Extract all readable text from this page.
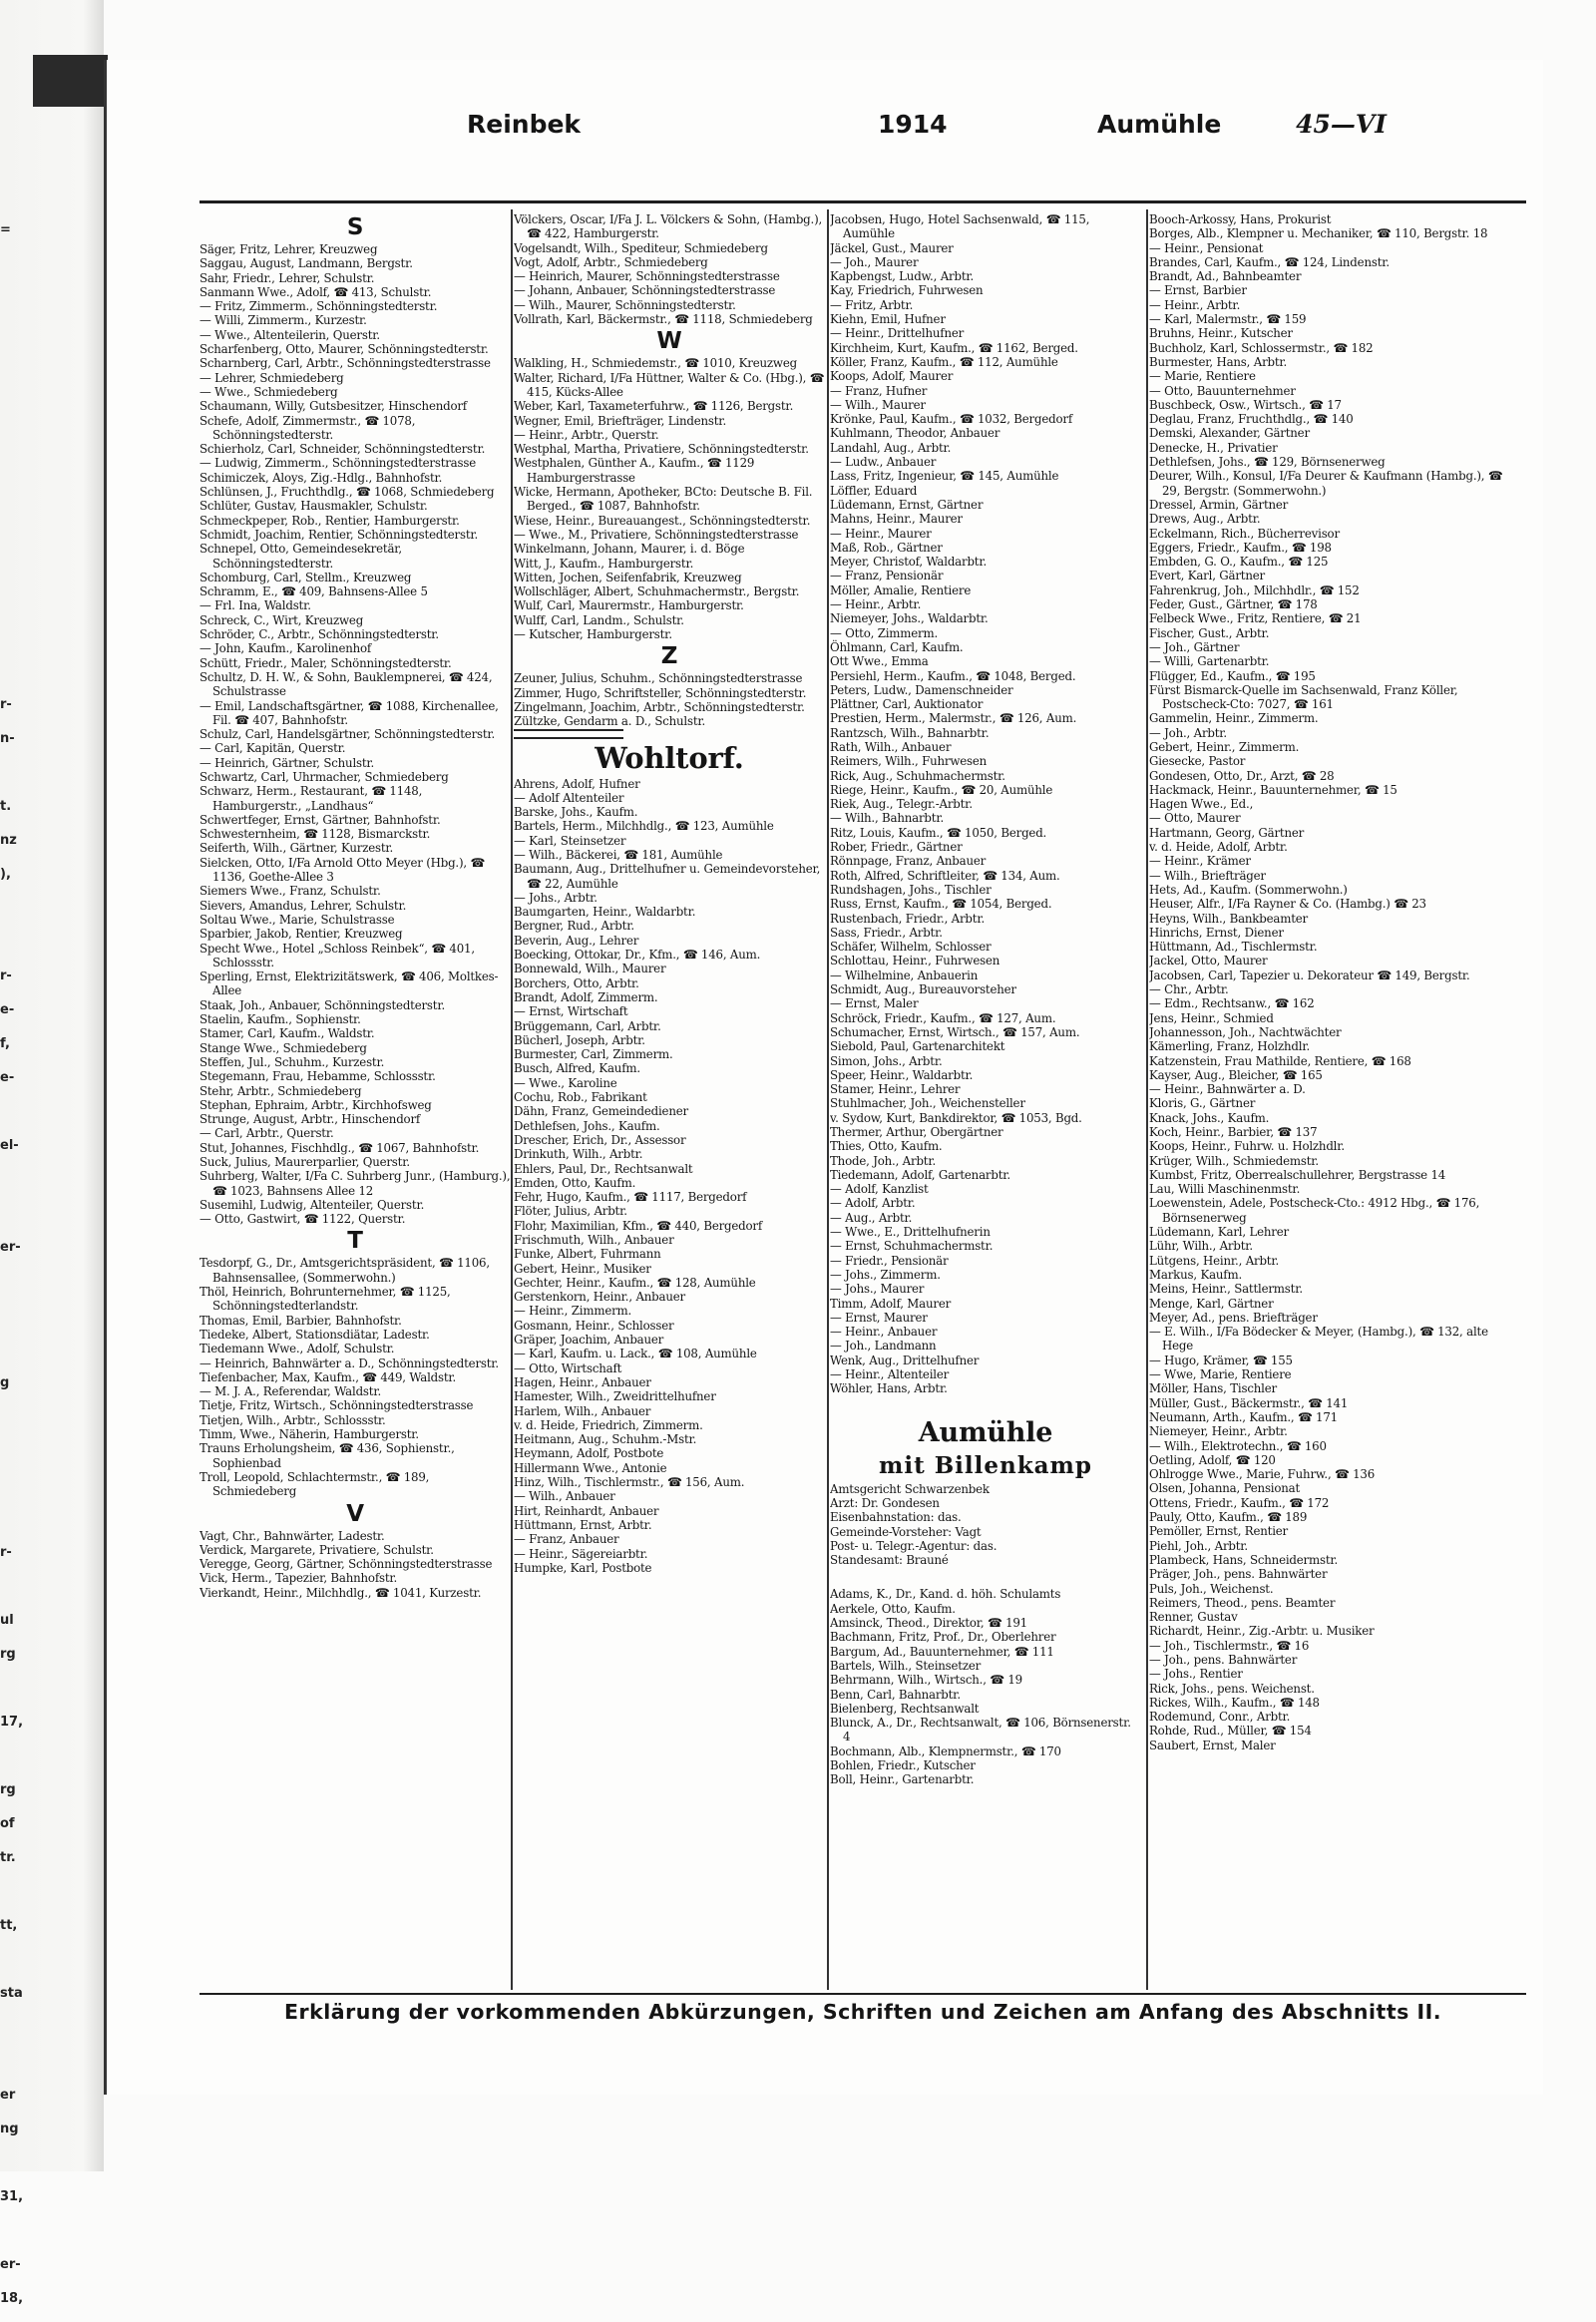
=
r-
n-
t.
nz
),
r-
e-
f,
e-
el-
er-
g
r-
ul
rg
17,
rg
of
tr.
tt,
sta
er
ng
31,
er-
18,
Reinbek	1914	Aumühle	45—VI

S

Säger, Fritz, Lehrer, Kreuzweg

Saggau, August, Landmann, Bergstr.

Sahr, Friedr., Lehrer, Schulstr.

Sanmann Wwe., Adolf, ☎ 413, Schulstr.

— Fritz, Zimmerm., Schönningstedterstr.

— Willi, Zimmerm., Kurzestr.

— Wwe., Altenteilerin, Querstr.

Scharfenberg, Otto, Maurer, Schönningstedterstr.

Scharnberg, Carl, Arbtr., Schönningstedterstrasse

— Lehrer, Schmiedeberg

— Wwe., Schmiedeberg

Schaumann, Willy, Gutsbesitzer, Hinschendorf

Schefe, Adolf, Zimmermstr., ☎ 1078, Schönningstedterstr.

Schierholz, Carl, Schneider, Schönningstedterstr.

— Ludwig, Zimmerm., Schönningstedterstrasse

Schimiczek, Aloys, Zig.-Hdlg., Bahnhofstr.

Schlünsen, J., Fruchthdlg., ☎ 1068, Schmiedeberg

Schlüter, Gustav, Hausmakler, Schulstr.

Schmeckpeper, Rob., Rentier, Hamburgerstr.

Schmidt, Joachim, Rentier, Schönningstedterstr.

Schnepel, Otto, Gemeindesekretär, Schönningstedterstr.

Schomburg, Carl, Stellm., Kreuzweg

Schramm, E., ☎ 409, Bahnsens-Allee 5

— Frl. Ina, Waldstr.

Schreck, C., Wirt, Kreuzweg

Schröder, C., Arbtr., Schönningstedterstr.

— John, Kaufm., Karolinenhof

Schütt, Friedr., Maler, Schönningstedterstr.

Schultz, D. H. W., & Sohn, Bauklempnerei, ☎ 424, Schulstrasse

— Emil, Landschaftsgärtner, ☎ 1088, Kirchenallee, Fil. ☎ 407, Bahnhofstr.

Schulz, Carl, Handelsgärtner, Schönningstedterstr.

— Carl, Kapitän, Querstr.

— Heinrich, Gärtner, Schulstr.

Schwartz, Carl, Uhrmacher, Schmiedeberg

Schwarz, Herm., Restaurant, ☎ 1148, Hamburgerstr., „Landhaus“

Schwertfeger, Ernst, Gärtner, Bahnhofstr.

Schwesternheim, ☎ 1128, Bismarckstr.

Seiferth, Wilh., Gärtner, Kurzestr.

Sielcken, Otto, I/Fa Arnold Otto Meyer (Hbg.), ☎ 1136, Goethe-Allee 3

Siemers Wwe., Franz, Schulstr.

Sievers, Amandus, Lehrer, Schulstr.

Soltau Wwe., Marie, Schulstrasse

Sparbier, Jakob, Rentier, Kreuzweg

Specht Wwe., Hotel „Schloss Reinbek“, ☎ 401, Schlossstr.

Sperling, Ernst, Elektrizitätswerk, ☎ 406, Moltkes-Allee

Staak, Joh., Anbauer, Schönningstedterstr.

Staelin, Kaufm., Sophienstr.

Stamer, Carl, Kaufm., Waldstr.

Stange Wwe., Schmiedeberg

Steffen, Jul., Schuhm., Kurzestr.

Stegemann, Frau, Hebamme, Schlossstr.

Stehr, Arbtr., Schmiedeberg

Stephan, Ephraim, Arbtr., Kirchhofsweg

Strunge, August, Arbtr., Hinschendorf

— Carl, Arbtr., Querstr.

Stut, Johannes, Fischhdlg., ☎ 1067, Bahnhofstr.

Suck, Julius, Maurerparlier, Querstr.

Suhrberg, Walter, I/Fa C. Suhrberg Junr., (Hamburg.), ☎ 1023, Bahnsens Allee 12

Susemihl, Ludwig, Altenteiler, Querstr.

— Otto, Gastwirt, ☎ 1122, Querstr.

T

Tesdorpf, G., Dr., Amtsgerichtspräsident, ☎ 1106, Bahnsensallee, (Sommerwohn.)

Thöl, Heinrich, Bohrunternehmer, ☎ 1125, Schönningstedterlandstr.

Thomas, Emil, Barbier, Bahnhofstr.

Tiedeke, Albert, Stationsdiätar, Ladestr.

Tiedemann Wwe., Adolf, Schulstr.

— Heinrich, Bahnwärter a. D., Schönningstedterstr.

Tiefenbacher, Max, Kaufm., ☎ 449, Waldstr.

— M. J. A., Referendar, Waldstr.

Tietje, Fritz, Wirtsch., Schönningstedterstrasse

Tietjen, Wilh., Arbtr., Schlossstr.

Timm, Wwe., Näherin, Hamburgerstr.

Trauns Erholungsheim, ☎ 436, Sophienstr., Sophienbad

Troll, Leopold, Schlachtermstr., ☎ 189, Schmiedeberg

V

Vagt, Chr., Bahnwärter, Ladestr.

Verdick, Margarete, Privatiere, Schulstr.

Veregge, Georg, Gärtner, Schönningstedterstrasse

Vick, Herm., Tapezier, Bahnhofstr.

Vierkandt, Heinr., Milchhdlg., ☎ 1041, Kurzestr.

Völckers, Oscar, I/Fa J. L. Völckers & Sohn, (Hambg.), ☎ 422, Hamburgerstr.

Vogelsandt, Wilh., Spediteur, Schmiedeberg

Vogt, Adolf, Arbtr., Schmiedeberg

— Heinrich, Maurer, Schönningstedterstrasse

— Johann, Anbauer, Schönningstedterstrasse

— Wilh., Maurer, Schönningstedterstr.

Vollrath, Karl, Bäckermstr., ☎ 1118, Schmiedeberg

W

Walkling, H., Schmiedemstr., ☎ 1010, Kreuzweg

Walter, Richard, I/Fa Hüttner, Walter & Co. (Hbg.), ☎ 415, Kücks-Allee

Weber, Karl, Taxameterfuhrw., ☎ 1126, Bergstr.

Wegner, Emil, Briefträger, Lindenstr.

— Heinr., Arbtr., Querstr.

Westphal, Martha, Privatiere, Schönningstedterstr.

Westphalen, Günther A., Kaufm., ☎ 1129 Hamburgerstrasse

Wicke, Hermann, Apotheker, BCto: Deutsche B. Fil. Berged., ☎ 1087, Bahnhofstr.

Wiese, Heinr., Bureauangest., Schönningstedterstr.

— Wwe., M., Privatiere, Schönningstedterstrasse

Winkelmann, Johann, Maurer, i. d. Böge

Witt, J., Kaufm., Hamburgerstr.

Witten, Jochen, Seifenfabrik, Kreuzweg

Wollschläger, Albert, Schuhmachermstr., Bergstr.

Wulf, Carl, Maurermstr., Hamburgerstr.

Wulff, Carl, Landm., Schulstr.

— Kutscher, Hamburgerstr.

Z

Zeuner, Julius, Schuhm., Schönningstedterstrasse

Zimmer, Hugo, Schriftsteller, Schönningstedterstr.

Zingelmann, Joachim, Arbtr., Schönningstedterstr.

Zültzke, Gendarm a. D., Schulstr.

Wohltorf.

Ahrens, Adolf, Hufner

— Adolf Altenteiler

Barske, Johs., Kaufm.

Bartels, Herm., Milchhdlg., ☎ 123, Aumühle

— Karl, Steinsetzer

— Wilh., Bäckerei, ☎ 181, Aumühle

Baumann, Aug., Drittelhufner u. Gemeindevorsteher, ☎ 22, Aumühle

— Johs., Arbtr.

Baumgarten, Heinr., Waldarbtr.

Bergner, Rud., Arbtr.

Beverin, Aug., Lehrer

Boecking, Ottokar, Dr., Kfm., ☎ 146, Aum.

Bonnewald, Wilh., Maurer

Borchers, Otto, Arbtr.

Brandt, Adolf, Zimmerm.

— Ernst, Wirtschaft

Brüggemann, Carl, Arbtr.

Bücherl, Joseph, Arbtr.

Burmester, Carl, Zimmerm.

Busch, Alfred, Kaufm.

— Wwe., Karoline

Cochu, Rob., Fabrikant

Dähn, Franz, Gemeindediener

Dethlefsen, Johs., Kaufm.

Drescher, Erich, Dr., Assessor

Drinkuth, Wilh., Arbtr.

Ehlers, Paul, Dr., Rechtsanwalt

Emden, Otto, Kaufm.

Fehr, Hugo, Kaufm., ☎ 1117, Bergedorf

Flöter, Julius, Arbtr.

Flohr, Maximilian, Kfm., ☎ 440, Bergedorf

Frischmuth, Wilh., Anbauer

Funke, Albert, Fuhrmann

Gebert, Heinr., Musiker

Gechter, Heinr., Kaufm., ☎ 128, Aumühle

Gerstenkorn, Heinr., Anbauer

— Heinr., Zimmerm.

Gosmann, Heinr., Schlosser

Gräper, Joachim, Anbauer

— Karl, Kaufm. u. Lack., ☎ 108, Aumühle

— Otto, Wirtschaft

Hagen, Heinr., Anbauer

Hamester, Wilh., Zweidrittelhufner

Harlem, Wilh., Anbauer

v. d. Heide, Friedrich, Zimmerm.

Heitmann, Aug., Schuhm.-Mstr.

Heymann, Adolf, Postbote

Hillermann Wwe., Antonie

Hinz, Wilh., Tischlermstr., ☎ 156, Aum.

— Wilh., Anbauer

Hirt, Reinhardt, Anbauer

Hüttmann, Ernst, Arbtr.

— Franz, Anbauer

— Heinr., Sägereiarbtr.

Humpke, Karl, Postbote

Jacobsen, Hugo, Hotel Sachsenwald, ☎ 115, Aumühle

Jäckel, Gust., Maurer

— Joh., Maurer

Kapbengst, Ludw., Arbtr.

Kay, Friedrich, Fuhrwesen

— Fritz, Arbtr.

Kiehn, Emil, Hufner

— Heinr., Drittelhufner

Kirchheim, Kurt, Kaufm., ☎ 1162, Berged.

Köller, Franz, Kaufm., ☎ 112, Aumühle

Koops, Adolf, Maurer

— Franz, Hufner

— Wilh., Maurer

Krönke, Paul, Kaufm., ☎ 1032, Bergedorf

Kuhlmann, Theodor, Anbauer

Landahl, Aug., Arbtr.

— Ludw., Anbauer

Lass, Fritz, Ingenieur, ☎ 145, Aumühle

Löffler, Eduard

Lüdemann, Ernst, Gärtner

Mahns, Heinr., Maurer

— Heinr., Maurer

Maß, Rob., Gärtner

Meyer, Christof, Waldarbtr.

— Franz, Pensionär

Möller, Amalie, Rentiere

— Heinr., Arbtr.

Niemeyer, Johs., Waldarbtr.

— Otto, Zimmerm.

Öhlmann, Carl, Kaufm.

Ott Wwe., Emma

Persiehl, Herm., Kaufm., ☎ 1048, Berged.

Peters, Ludw., Damenschneider

Plättner, Carl, Auktionator

Prestien, Herm., Malermstr., ☎ 126, Aum.

Rantzsch, Wilh., Bahnarbtr.

Rath, Wilh., Anbauer

Reimers, Wilh., Fuhrwesen

Rick, Aug., Schuhmachermstr.

Riege, Heinr., Kaufm., ☎ 20, Aumühle

Riek, Aug., Telegr.-Arbtr.

— Wilh., Bahnarbtr.

Ritz, Louis, Kaufm., ☎ 1050, Berged.

Rober, Friedr., Gärtner

Rönnpage, Franz, Anbauer

Roth, Alfred, Schriftleiter, ☎ 134, Aum.

Rundshagen, Johs., Tischler

Russ, Ernst, Kaufm., ☎ 1054, Berged.

Rustenbach, Friedr., Arbtr.

Sass, Friedr., Arbtr.

Schäfer, Wilhelm, Schlosser

Schlottau, Heinr., Fuhrwesen

— Wilhelmine, Anbauerin

Schmidt, Aug., Bureauvorsteher

— Ernst, Maler

Schröck, Friedr., Kaufm., ☎ 127, Aum.

Schumacher, Ernst, Wirtsch., ☎ 157, Aum.

Siebold, Paul, Gartenarchitekt

Simon, Johs., Arbtr.

Speer, Heinr., Waldarbtr.

Stamer, Heinr., Lehrer

Stuhlmacher, Joh., Weichensteller

v. Sydow, Kurt, Bankdirektor, ☎ 1053, Bgd.

Thermer, Arthur, Obergärtner

Thies, Otto, Kaufm.

Thode, Joh., Arbtr.

Tiedemann, Adolf, Gartenarbtr.

— Adolf, Kanzlist

— Adolf, Arbtr.

— Aug., Arbtr.

— Wwe., E., Drittelhufnerin

— Ernst, Schuhmachermstr.

— Friedr., Pensionär

— Johs., Zimmerm.

— Johs., Maurer

Timm, Adolf, Maurer

— Ernst, Maurer

— Heinr., Anbauer

— Joh., Landmann

Wenk, Aug., Drittelhufner

— Heinr., Altenteiler

Wöhler, Hans, Arbtr.

Aumühle

mit Billenkamp

Amtsgericht Schwarzenbek

Arzt: Dr. Gondesen

Eisenbahnstation: das.

Gemeinde-Vorsteher: Vagt

Post- u. Telegr.-Agentur: das.

Standesamt: Brauné

Adams, K., Dr., Kand. d. höh. Schulamts

Aerkele, Otto, Kaufm.

Amsinck, Theod., Direktor, ☎ 191

Bachmann, Fritz, Prof., Dr., Oberlehrer

Bargum, Ad., Bauunternehmer, ☎ 111

Bartels, Wilh., Steinsetzer

Behrmann, Wilh., Wirtsch., ☎ 19

Benn, Carl, Bahnarbtr.

Bielenberg, Rechtsanwalt

Blunck, A., Dr., Rechtsanwalt, ☎ 106, Börnsenerstr. 4

Bochmann, Alb., Klempnermstr., ☎ 170

Bohlen, Friedr., Kutscher

Boll, Heinr., Gartenarbtr.

Booch-Arkossy, Hans, Prokurist

Borges, Alb., Klempner u. Mechaniker, ☎ 110, Bergstr. 18

— Heinr., Pensionat

Brandes, Carl, Kaufm., ☎ 124, Lindenstr.

Brandt, Ad., Bahnbeamter

— Ernst, Barbier

— Heinr., Arbtr.

— Karl, Malermstr., ☎ 159

Bruhns, Heinr., Kutscher

Buchholz, Karl, Schlossermstr., ☎ 182

Burmester, Hans, Arbtr.

— Marie, Rentiere

— Otto, Bauunternehmer

Buschbeck, Osw., Wirtsch., ☎ 17

Deglau, Franz, Fruchthdlg., ☎ 140

Demski, Alexander, Gärtner

Denecke, H., Privatier

Dethlefsen, Johs., ☎ 129, Börnsenerweg

Deurer, Wilh., Konsul, I/Fa Deurer & Kaufmann (Hambg.), ☎ 29, Bergstr. (Sommerwohn.)

Dressel, Armin, Gärtner

Drews, Aug., Arbtr.

Eckelmann, Rich., Bücherrevisor

Eggers, Friedr., Kaufm., ☎ 198

Embden, G. O., Kaufm., ☎ 125

Evert, Karl, Gärtner

Fahrenkrug, Joh., Milchhdlr., ☎ 152

Feder, Gust., Gärtner, ☎ 178

Felbeck Wwe., Fritz, Rentiere, ☎ 21

Fischer, Gust., Arbtr.

— Joh., Gärtner

— Willi, Gartenarbtr.

Flügger, Ed., Kaufm., ☎ 195

Fürst Bismarck-Quelle im Sachsenwald, Franz Köller, Postscheck-Cto: 7027, ☎ 161

Gammelin, Heinr., Zimmerm.

— Joh., Arbtr.

Gebert, Heinr., Zimmerm.

Giesecke, Pastor

Gondesen, Otto, Dr., Arzt, ☎ 28

Hackmack, Heinr., Bauunternehmer, ☎ 15

Hagen Wwe., Ed.,

— Otto, Maurer

Hartmann, Georg, Gärtner

v. d. Heide, Adolf, Arbtr.

— Heinr., Krämer

— Wilh., Briefträger

Hets, Ad., Kaufm. (Sommerwohn.)

Heuser, Alfr., I/Fa Rayner & Co. (Hambg.) ☎ 23

Heyns, Wilh., Bankbeamter

Hinrichs, Ernst, Diener

Hüttmann, Ad., Tischlermstr.

Jackel, Otto, Maurer

Jacobsen, Carl, Tapezier u. Dekorateur ☎ 149, Bergstr.

— Chr., Arbtr.

— Edm., Rechtsanw., ☎ 162

Jens, Heinr., Schmied

Johannesson, Joh., Nachtwächter

Kämerling, Franz, Holzhdlr.

Katzenstein, Frau Mathilde, Rentiere, ☎ 168

Kayser, Aug., Bleicher, ☎ 165

— Heinr., Bahnwärter a. D.

Kloris, G., Gärtner

Knack, Johs., Kaufm.

Koch, Heinr., Barbier, ☎ 137

Koops, Heinr., Fuhrw. u. Holzhdlr.

Krüger, Wilh., Schmiedemstr.

Kumbst, Fritz, Oberrealschullehrer, Bergstrasse 14

Lau, Willi Maschinenmstr.

Loewenstein, Adele, Postscheck-Cto.: 4912 Hbg., ☎ 176, Börnsenerweg

Lüdemann, Karl, Lehrer

Lühr, Wilh., Arbtr.

Lütgens, Heinr., Arbtr.

Markus, Kaufm.

Meins, Heinr., Sattlermstr.

Menge, Karl, Gärtner

Meyer, Ad., pens. Briefträger

— E. Wilh., I/Fa Bödecker & Meyer, (Hambg.), ☎ 132, alte Hege

— Hugo, Krämer, ☎ 155

— Wwe, Marie, Rentiere

Möller, Hans, Tischler

Müller, Gust., Bäckermstr., ☎ 141

Neumann, Arth., Kaufm., ☎ 171

Niemeyer, Heinr., Arbtr.

— Wilh., Elektrotechn., ☎ 160

Oetling, Adolf, ☎ 120

Ohlrogge Wwe., Marie, Fuhrw., ☎ 136

Olsen, Johanna, Pensionat

Ottens, Friedr., Kaufm., ☎ 172

Pauly, Otto, Kaufm., ☎ 189

Pemöller, Ernst, Rentier

Piehl, Joh., Arbtr.

Plambeck, Hans, Schneidermstr.

Präger, Joh., pens. Bahnwärter

Puls, Joh., Weichenst.

Reimers, Theod., pens. Beamter

Renner, Gustav

Richardt, Heinr., Zig.-Arbtr. u. Musiker

— Joh., Tischlermstr., ☎ 16

— Joh., pens. Bahnwärter

— Johs., Rentier

Rick, Johs., pens. Weichenst.

Rickes, Wilh., Kaufm., ☎ 148

Rodemund, Conr., Arbtr.

Rohde, Rud., Müller, ☎ 154

Saubert, Ernst, Maler

Erklärung der vorkommenden Abkürzungen, Schriften und Zeichen am Anfang des Abschnitts II.
